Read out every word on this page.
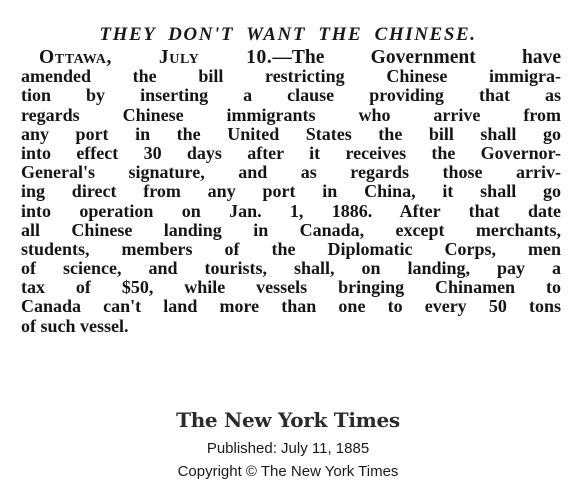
THEY DON'T WANT THE CHINESE.
Ottawa, July 10.—The Government have
amended the bill restricting Chinese immigra-
tion by inserting a clause providing that as
regards Chinese immigrants who arrive from
any port in the United States the bill shall go
into effect 30 days after it receives the Governor-
General's signature, and as regards those arriv-
ing direct from any port in China, it shall go
into operation on Jan. 1, 1886. After that date
all Chinese landing in Canada, except merchants,
students, members of the Diplomatic Corps, men
of science, and tourists, shall, on landing, pay a
tax of $50, while vessels bringing Chinamen to
Canada can't land more than one to every 50 tons
of such vessel.
The New York Times
Published: July 11, 1885
Copyright © The New York Times
